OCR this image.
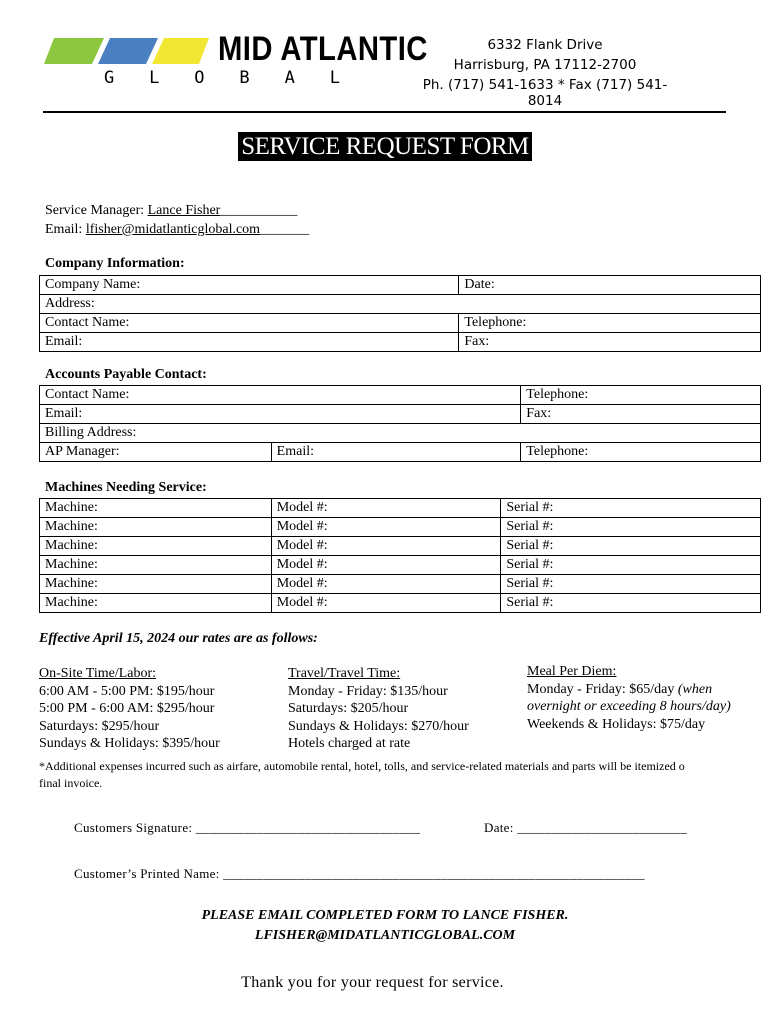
MID ATLANTIC
G L O B A L
6332 Flank Drive
Harrisburg, PA 17112-2700
Ph. (717) 541-1633 * Fax (717) 541-8014
SERVICE REQUEST FORM
Service Manager: Lance Fisher___________
Email: lfisher@midatlanticglobal.com_______
Company Information:
Company Name:	Date:
Address:	
Contact Name:	Telephone:
Email:	Fax:
Accounts Payable Contact:
Contact Name:		Telephone:
Email:		Fax:
Billing Address:		
AP Manager:	Email:	Telephone:
Machines Needing Service:
Machine:	Model #:	Serial #:
Machine:	Model #:	Serial #:
Machine:	Model #:	Serial #:
Machine:	Model #:	Serial #:
Machine:	Model #:	Serial #:
Machine:	Model #:	Serial #:
Effective April 15, 2024 our rates are as follows:
On-Site Time/Labor:
6:00 AM - 5:00 PM: $195/hour
5:00 PM - 6:00 AM: $295/hour
Saturdays: $295/hour
Sundays & Holidays: $395/hour
Travel/Travel Time:
Monday - Friday: $135/hour
Saturdays: $205/hour
Sundays & Holidays: $270/hour
Hotels charged at rate
Meal Per Diem:
Monday - Friday: $65/day (when
overnight or exceeding 8 hours/day)
Weekends & Holidays: $75/day
*Additional expenses incurred such as airfare, automobile rental, hotel, tolls, and service-related materials and parts will be itemized o
final invoice.
Customers Signature: _________________________________	Date: _________________________
Customer’s Printed Name: ______________________________________________________________
PLEASE EMAIL COMPLETED FORM TO LANCE FISHER.
LFISHER@MIDATLANTICGLOBAL.COM
Thank you for your request for service.
